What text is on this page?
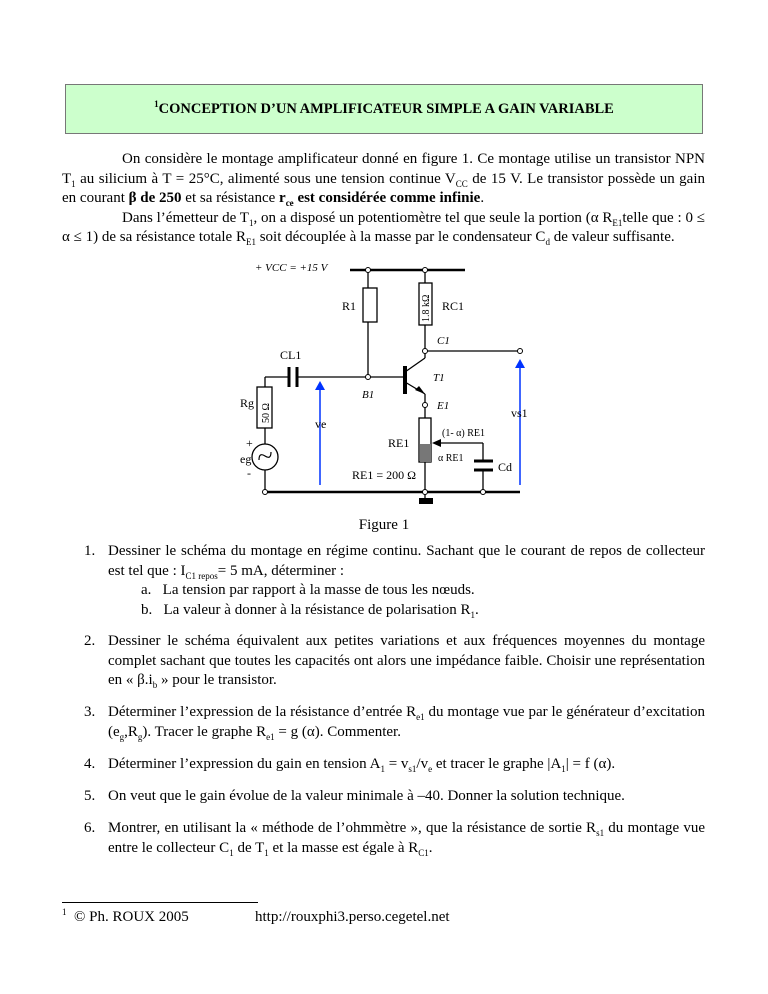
$^1$CONCEPTION D’UN AMPLIFICATEUR SIMPLE A GAIN VARIABLE
On considère le montage amplificateur donné en figure 1. Ce montage utilise un transistor NPN $T_1$ au silicium à T = 25°C, alimenté sous une tension continue $V_{CC}$ de 15 V. Le transistor possède un gain en courant β de 250 et sa résistance $r_{ce}$ est considérée comme infinie.
Dans l’émetteur de $T_1$, on a disposé un potentiomètre tel que seule la portion (α $R_{E1}telle$ que : 0 ≤ α ≤ 1) de sa résistance totale $R_{E1}$ soit découplée à la masse par le condensateur $C_d$ de valeur suffisante.
+ VCC = +15 V
R1	1.8 kΩ RC1
C1
CL1
T1
B1
E1
Rg
50 Ω
ve
vs1
RE1
(1- α) RE1
α RE1
RE1 = 200 Ω
Cd
+
eg
-
Figure 1
1. Dessiner le schéma du montage en régime continu. Sachant que le courant de repos de collecteur est tel que : $I_{C1 repos}= 5$ mA, déterminer :
a. La tension par rapport à la masse de tous les nœuds.
b. La valeur à donner à la résistance de polarisation $R_1$.
2. Dessiner le schéma équivalent aux petites variations et aux fréquences moyennes du montage complet sachant que toutes les capacités ont alors une impédance faible. Choisir une représentation en « $\beta.i_b$ » pour le transistor.
3. Déterminer l’expression de la résistance d’entrée $R_{e1}$ du montage vue par le générateur d’excitation $(e_g,R_g)$. Tracer le graphe $R_{e1} = g$ (α). Commenter.
4. Déterminer l’expression du gain en tension $A_1 = v_{s1}/v_e$ et tracer le graphe $|A_1| = f$ (α).
5. On veut que le gain évolue de la valeur minimale à –40. Donner la solution technique.
6. Montrer, en utilisant la « méthode de l’ohmmètre », que la résistance de sortie $R_{s1}$ du montage vue entre le collecteur $C_1$ de $T_1$ et la masse est égale à $R_{C1}$.
$^1$ © Ph. ROUX 2005	http://rouxphi3.perso.cegetel.net
